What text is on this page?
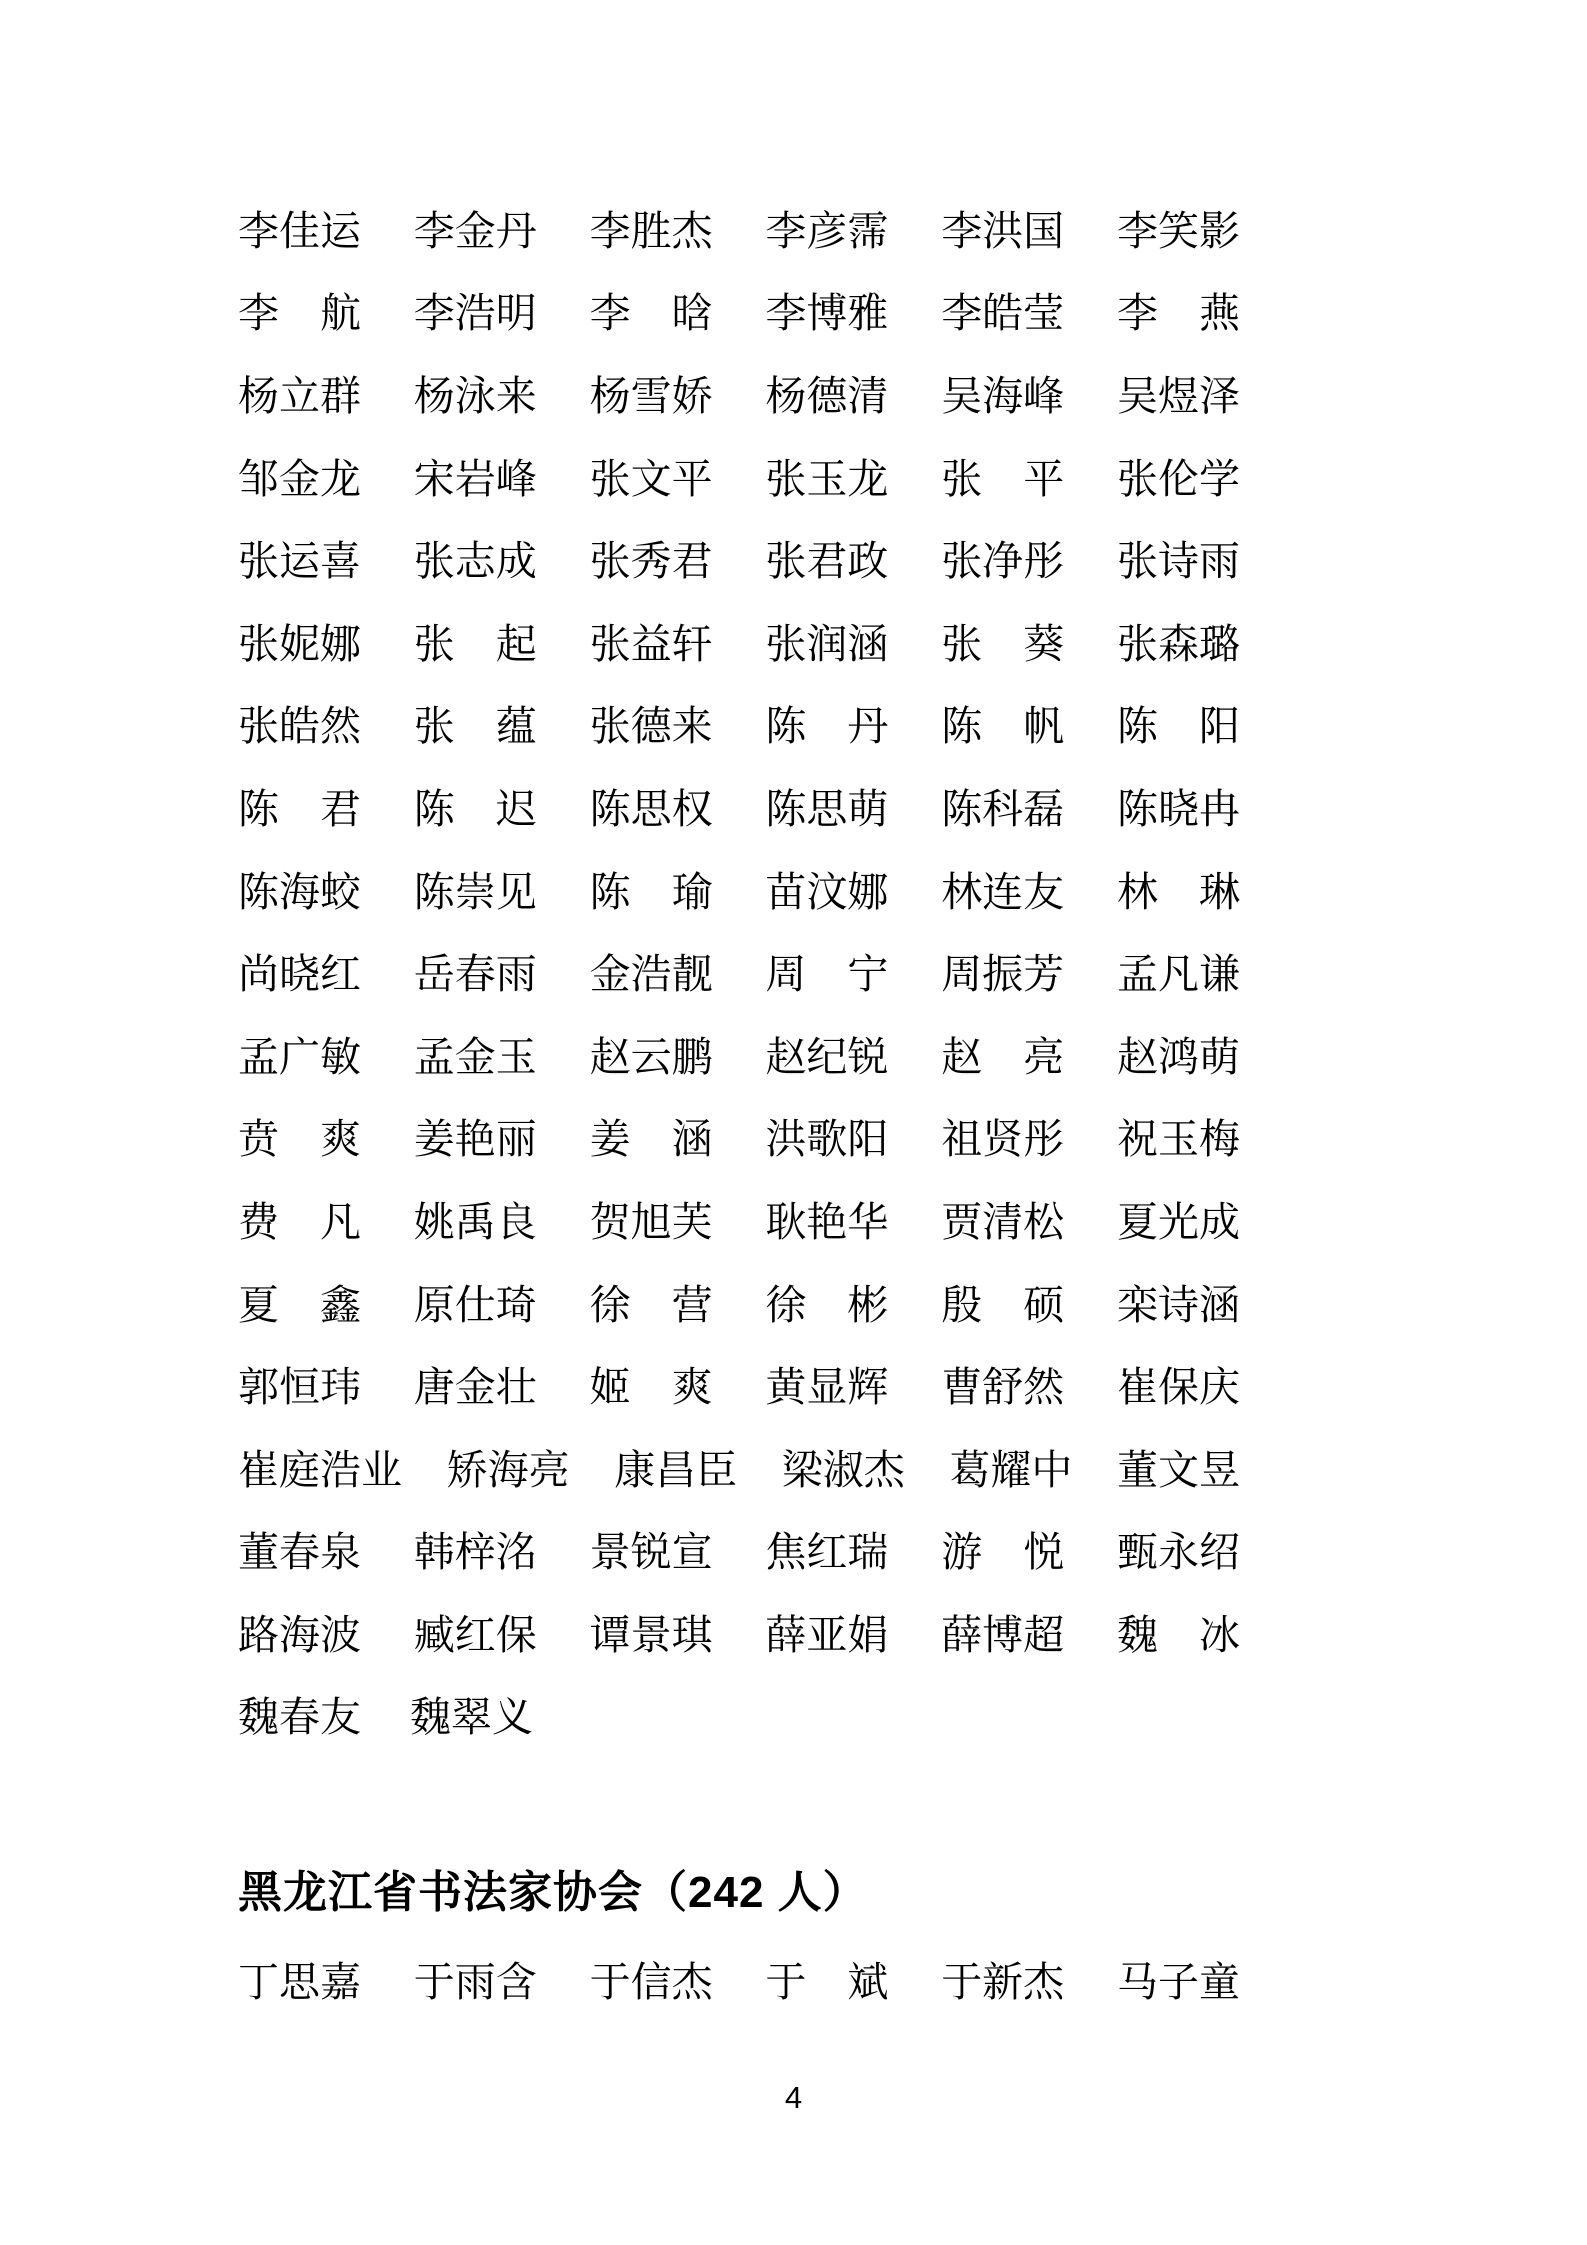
李佳运 李金丹 李胜杰 李彦霈 李洪国 李笑影
李 航 李浩明 李 晗 李博雅 李皓莹 李 燕
杨立群 杨泳来 杨雪娇 杨德清 吴海峰 吴煜泽
邹金龙 宋岩峰 张文平 张玉龙 张 平 张伦学
张运喜 张志成 张秀君 张君政 张净彤 张诗雨
张妮娜 张 起 张益轩 张润涵 张 葵 张森璐
张皓然 张 蕴 张德来 陈 丹 陈 帆 陈 阳
陈 君 陈 迟 陈思权 陈思萌 陈科磊 陈晓冉
陈海蛟 陈崇见 陈 瑜 苗汶娜 林连友 林 琳
尚晓红 岳春雨 金浩靓 周 宁 周振芳 孟凡谦
孟广敏 孟金玉 赵云鹏 赵纪锐 赵 亮 赵鸿萌
贲 爽 姜艳丽 姜 涵 洪歌阳 祖贤彤 祝玉梅
费 凡 姚禹良 贺旭芙 耿艳华 贾清松 夏光成
夏 鑫 原仕琦 徐 营 徐 彬 殷 硕 栾诗涵
郭恒玮 唐金壮 姬 爽 黄显辉 曹舒然 崔保庆
崔庭浩业 矫海亮 康昌臣 梁淑杰 葛耀中 董文昱
董春泉 韩梓洺 景锐宣 焦红瑞 游 悦 甄永绍
路海波 臧红保 谭景琪 薛亚娟 薛博超 魏 冰
魏春友 魏翠义
黑龙江省书法家协会（242 人）
丁思嘉 于雨含 于信杰 于 斌 于新杰 马子童
4
